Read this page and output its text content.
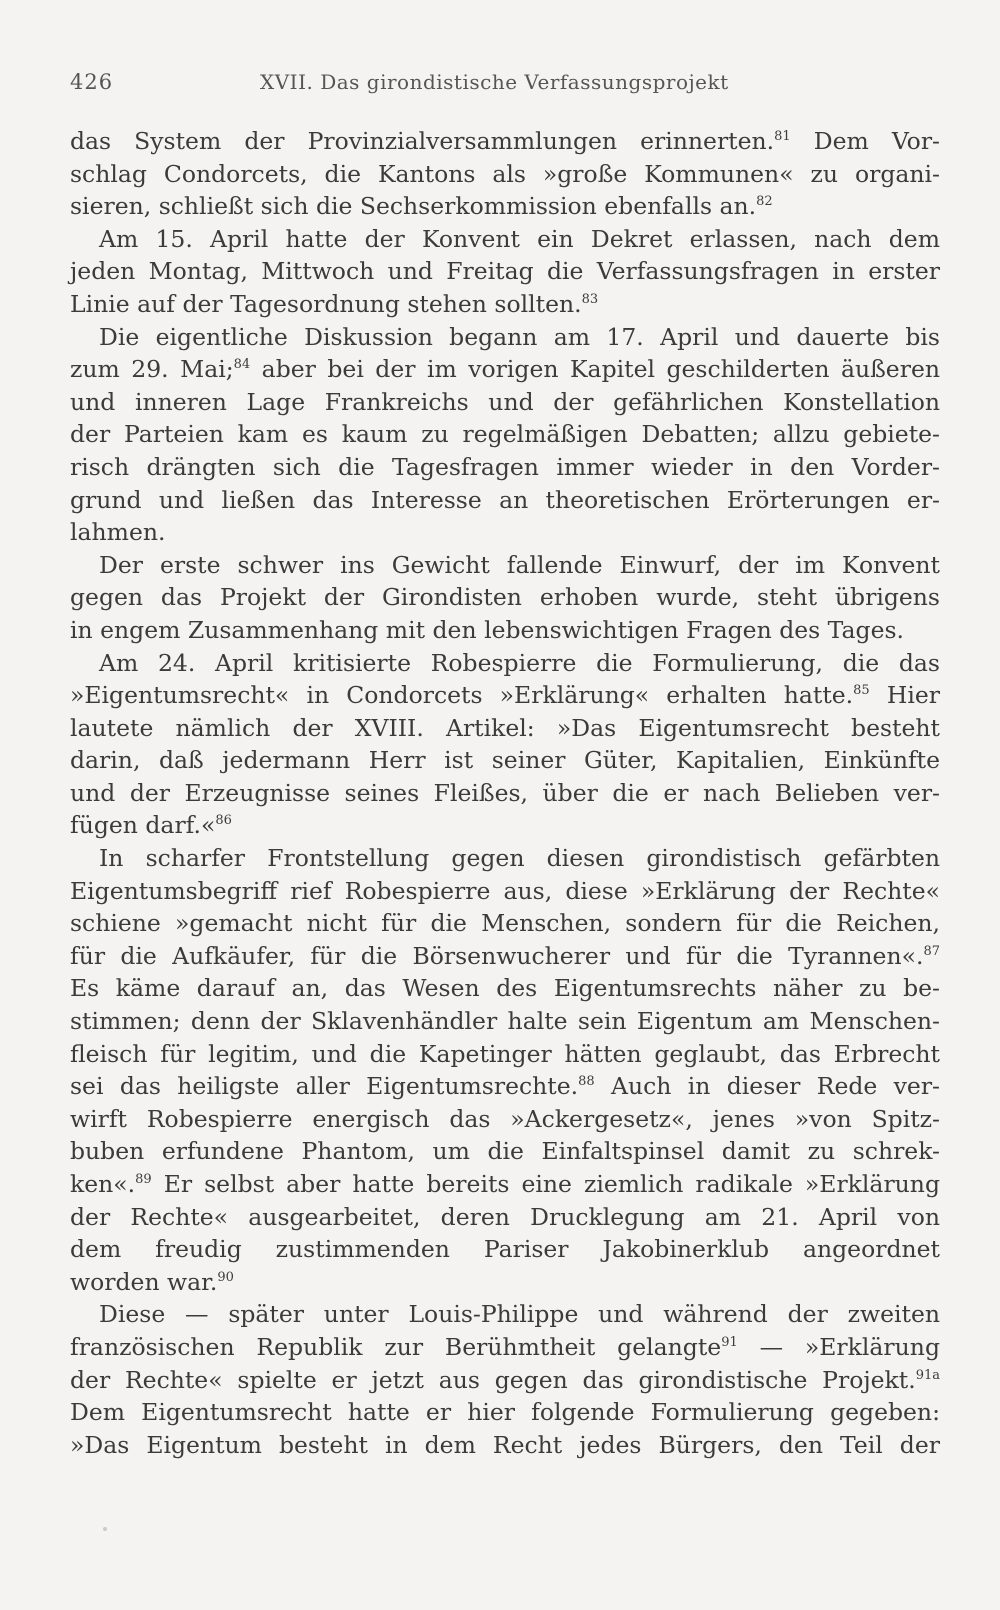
426	XVII. Das girondistische Verfassungsprojekt
das System der Provinzialversammlungen erinnerten.$^{81}$ Dem Vor-
schlag Condorcets, die Kantons als »große Kommunen« zu organi-
sieren, schließt sich die Sechserkommission ebenfalls an.$^{82}$
Am 15. April hatte der Konvent ein Dekret erlassen, nach dem
jeden Montag, Mittwoch und Freitag die Verfassungsfragen in erster
Linie auf der Tagesordnung stehen sollten.$^{83}$
Die eigentliche Diskussion begann am 17. April und dauerte bis
zum 29. Mai;$^{84}$ aber bei der im vorigen Kapitel geschilderten äußeren
und inneren Lage Frankreichs und der gefährlichen Konstellation
der Parteien kam es kaum zu regelmäßigen Debatten; allzu gebiete-
risch drängten sich die Tagesfragen immer wieder in den Vorder-
grund und ließen das Interesse an theoretischen Erörterungen er-
lahmen.
Der erste schwer ins Gewicht fallende Einwurf, der im Konvent
gegen das Projekt der Girondisten erhoben wurde, steht übrigens
in engem Zusammenhang mit den lebenswichtigen Fragen des Tages.
Am 24. April kritisierte Robespierre die Formulierung, die das
»Eigentumsrecht« in Condorcets »Erklärung« erhalten hatte.$^{85}$ Hier
lautete nämlich der XVIII. Artikel: »Das Eigentumsrecht besteht
darin, daß jedermann Herr ist seiner Güter, Kapitalien, Einkünfte
und der Erzeugnisse seines Fleißes, über die er nach Belieben ver-
fügen darf.«$^{86}$
In scharfer Frontstellung gegen diesen girondistisch gefärbten
Eigentumsbegriff rief Robespierre aus, diese »Erklärung der Rechte«
schiene »gemacht nicht für die Menschen, sondern für die Reichen,
für die Aufkäufer, für die Börsenwucherer und für die Tyrannen«.$^{87}$
Es käme darauf an, das Wesen des Eigentumsrechts näher zu be-
stimmen; denn der Sklavenhändler halte sein Eigentum am Menschen-
fleisch für legitim, und die Kapetinger hätten geglaubt, das Erbrecht
sei das heiligste aller Eigentumsrechte.$^{88}$ Auch in dieser Rede ver-
wirft Robespierre energisch das »Ackergesetz«, jenes »von Spitz-
buben erfundene Phantom, um die Einfaltspinsel damit zu schrek-
ken«.$^{89}$ Er selbst aber hatte bereits eine ziemlich radikale »Erklärung
der Rechte« ausgearbeitet, deren Drucklegung am 21. April von
dem freudig zustimmenden Pariser Jakobinerklub angeordnet
worden war.$^{90}$
Diese — später unter Louis-Philippe und während der zweiten
französischen Republik zur Berühmtheit gelangte$^{91}$ — »Erklärung
der Rechte« spielte er jetzt aus gegen das girondistische Projekt.$^{91a}$
Dem Eigentumsrecht hatte er hier folgende Formulierung gegeben:
»Das Eigentum besteht in dem Recht jedes Bürgers, den Teil der
